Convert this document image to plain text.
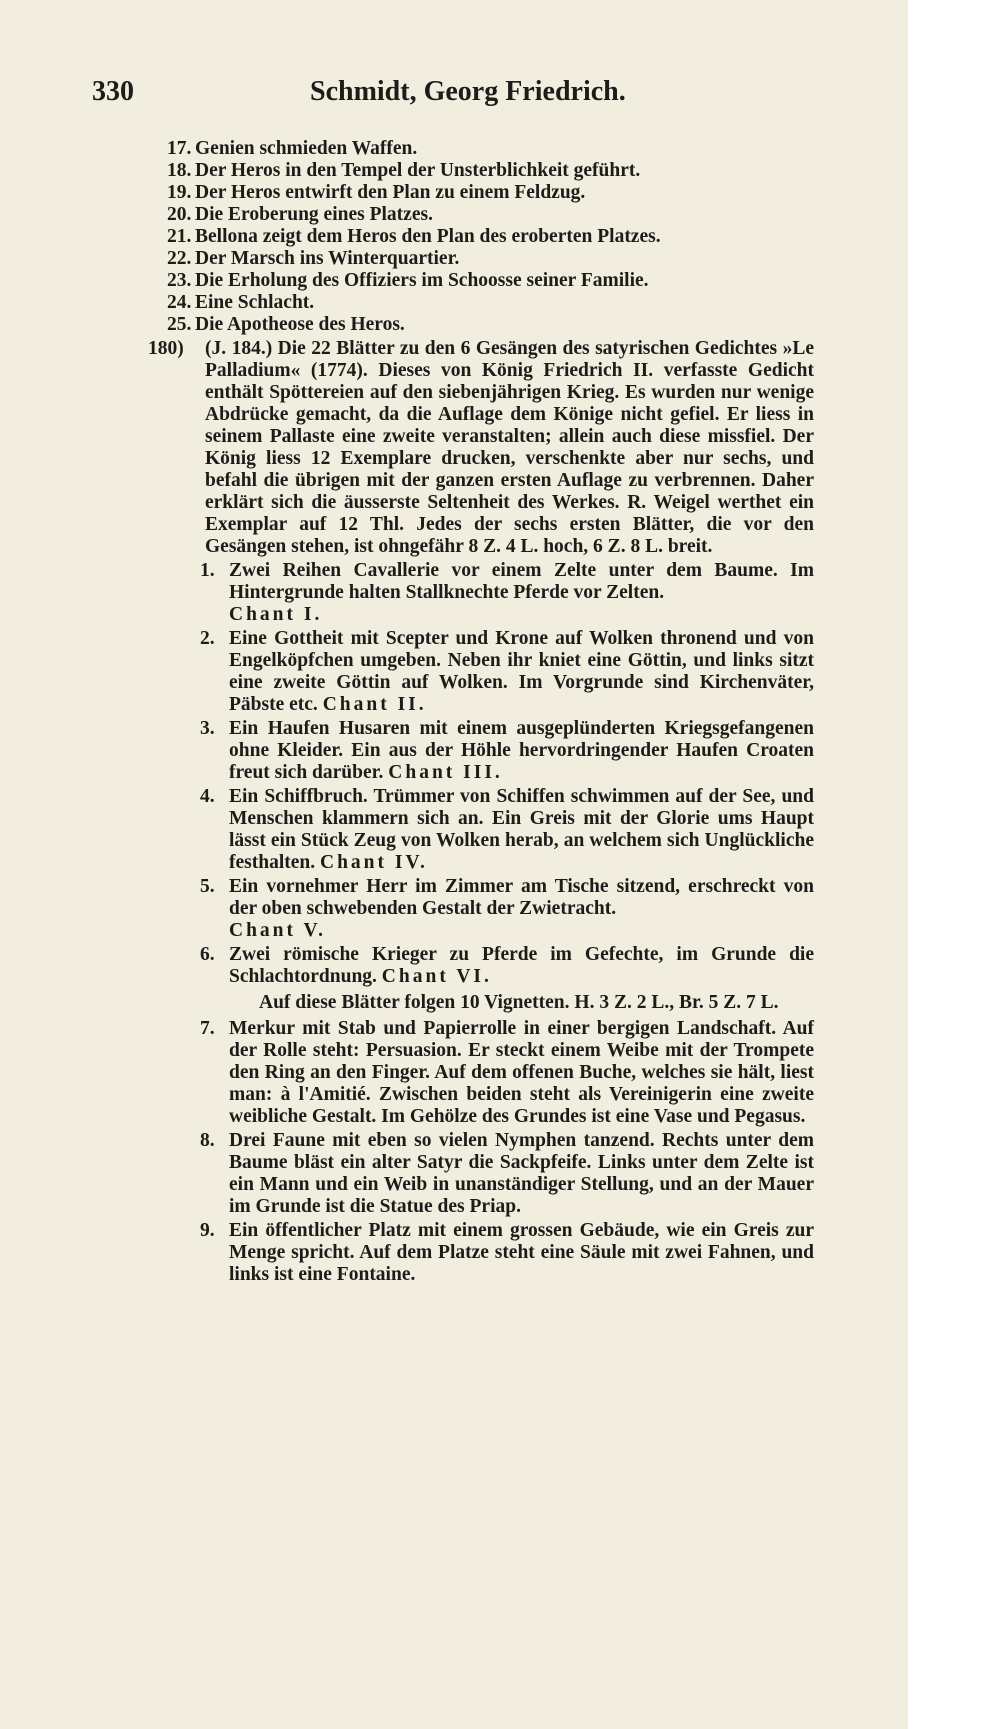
330	Schmidt, Georg Friedrich.
17. Genien schmieden Waffen.
18. Der Heros in den Tempel der Unsterblichkeit geführt.
19. Der Heros entwirft den Plan zu einem Feldzug.
20. Die Eroberung eines Platzes.
21. Bellona zeigt dem Heros den Plan des eroberten Platzes.
22. Der Marsch ins Winterquartier.
23. Die Erholung des Offiziers im Schoosse seiner Familie.
24. Eine Schlacht.
25. Die Apotheose des Heros.
180) (J. 184.) Die 22 Blätter zu den 6 Gesängen des satyrischen Gedichtes »Le Palladium« (1774). Dieses von König Friedrich II. verfasste Gedicht enthält Spöttereien auf den siebenjährigen Krieg. Es wurden nur wenige Abdrücke gemacht, da die Auflage dem Könige nicht gefiel. Er liess in seinem Pallaste eine zweite veranstalten; allein auch diese missfiel. Der König liess 12 Exemplare drucken, verschenkte aber nur sechs, und befahl die übrigen mit der ganzen ersten Auflage zu verbrennen. Daher erklärt sich die äusserste Seltenheit des Werkes. R. Weigel werthet ein Exemplar auf 12 Thl. Jedes der sechs ersten Blätter, die vor den Gesängen stehen, ist ohngefähr 8 Z. 4 L. hoch, 6 Z. 8 L. breit.

1. Zwei Reihen Cavallerie vor einem Zelte unter dem Baume. Im Hintergrunde halten Stallknechte Pferde vor Zelten.
Chant I.

2. Eine Gottheit mit Scepter und Krone auf Wolken thronend und von Engelköpfchen umgeben. Neben ihr kniet eine Göttin, und links sitzt eine zweite Göttin auf Wolken. Im Vorgrunde sind Kirchenväter, Päbste etc. Chant II.

3. Ein Haufen Husaren mit einem ausgeplünderten Kriegsgefangenen ohne Kleider. Ein aus der Höhle hervordringender Haufen Croaten freut sich darüber. Chant III.

4. Ein Schiffbruch. Trümmer von Schiffen schwimmen auf der See, und Menschen klammern sich an. Ein Greis mit der Glorie ums Haupt lässt ein Stück Zeug von Wolken herab, an welchem sich Unglückliche festhalten. Chant IV.

5. Ein vornehmer Herr im Zimmer am Tische sitzend, erschreckt von der oben schwebenden Gestalt der Zwietracht.
Chant V.

6. Zwei römische Krieger zu Pferde im Gefechte, im Grunde die Schlachtordnung. Chant VI.

Auf diese Blätter folgen 10 Vignetten. H. 3 Z. 2 L., Br. 5 Z. 7 L.

7. Merkur mit Stab und Papierrolle in einer bergigen Landschaft. Auf der Rolle steht: Persuasion. Er steckt einem Weibe mit der Trompete den Ring an den Finger. Auf dem offenen Buche, welches sie hält, liest man: à l'Amitié. Zwischen beiden steht als Vereinigerin eine zweite weibliche Gestalt. Im Gehölze des Grundes ist eine Vase und Pegasus.

8. Drei Faune mit eben so vielen Nymphen tanzend. Rechts unter dem Baume bläst ein alter Satyr die Sackpfeife. Links unter dem Zelte ist ein Mann und ein Weib in unanständiger Stellung, und an der Mauer im Grunde ist die Statue des Priap.

9. Ein öffentlicher Platz mit einem grossen Gebäude, wie ein Greis zur Menge spricht. Auf dem Platze steht eine Säule mit zwei Fahnen, und links ist eine Fontaine.
